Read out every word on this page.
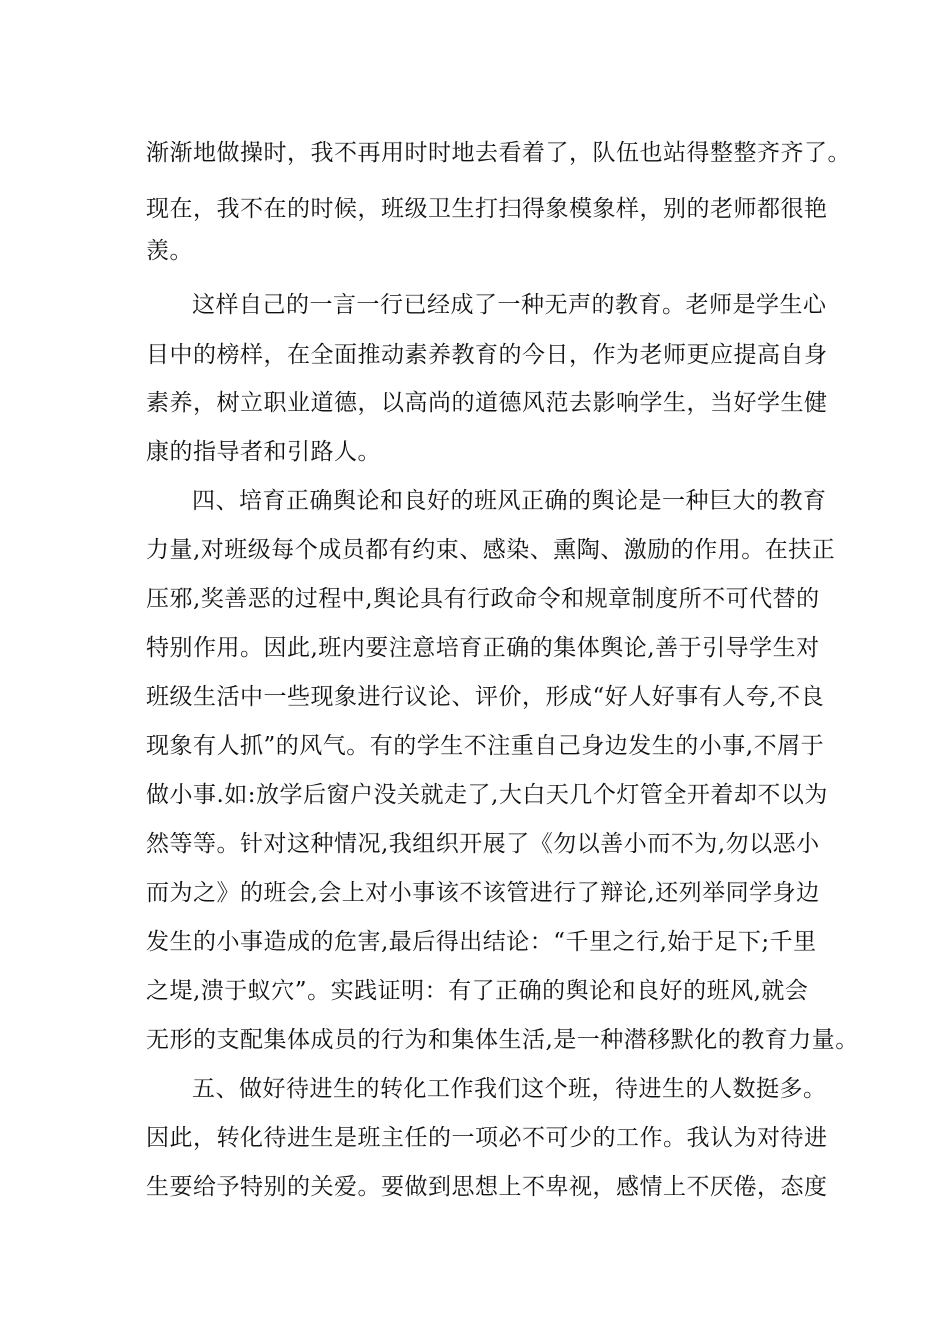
渐渐地做操时，我不再用时时地去看着了，队伍也站得整整齐齐了。
现在，我不在的时候，班级卫生打扫得象模象样，别的老师都很艳
羡。
这样自己的一言一行已经成了一种无声的教育。老师是学生心
目中的榜样，在全面推动素养教育的今日，作为老师更应提高自身
素养，树立职业道德，以高尚的道德风范去影响学生，当好学生健
康的指导者和引路人。
四、培育正确舆论和良好的班风正确的舆论是一种巨大的教育
力量,对班级每个成员都有约束、感染、熏陶、激励的作用。在扶正
压邪,奖善恶的过程中,舆论具有行政命令和规章制度所不可代替的
特别作用。因此,班内要注意培育正确的集体舆论,善于引导学生对
班级生活中一些现象进行议论、评价，形成“好人好事有人夸,不良
现象有人抓”的风气。有的学生不注重自己身边发生的小事,不屑于
做小事.如:放学后窗户没关就走了,大白天几个灯管全开着却不以为
然等等。针对这种情况,我组织开展了《勿以善小而不为,勿以恶小
而为之》的班会,会上对小事该不该管进行了辩论,还列举同学身边
发生的小事造成的危害,最后得出结论：“千里之行,始于足下;千里
之堤,溃于蚁穴”。实践证明：有了正确的舆论和良好的班风,就会
无形的支配集体成员的行为和集体生活,是一种潜移默化的教育力量。
五、做好待进生的转化工作我们这个班，待进生的人数挺多。
因此，转化待进生是班主任的一项必不可少的工作。我认为对待进
生要给予特别的关爱。要做到思想上不卑视，感情上不厌倦，态度
